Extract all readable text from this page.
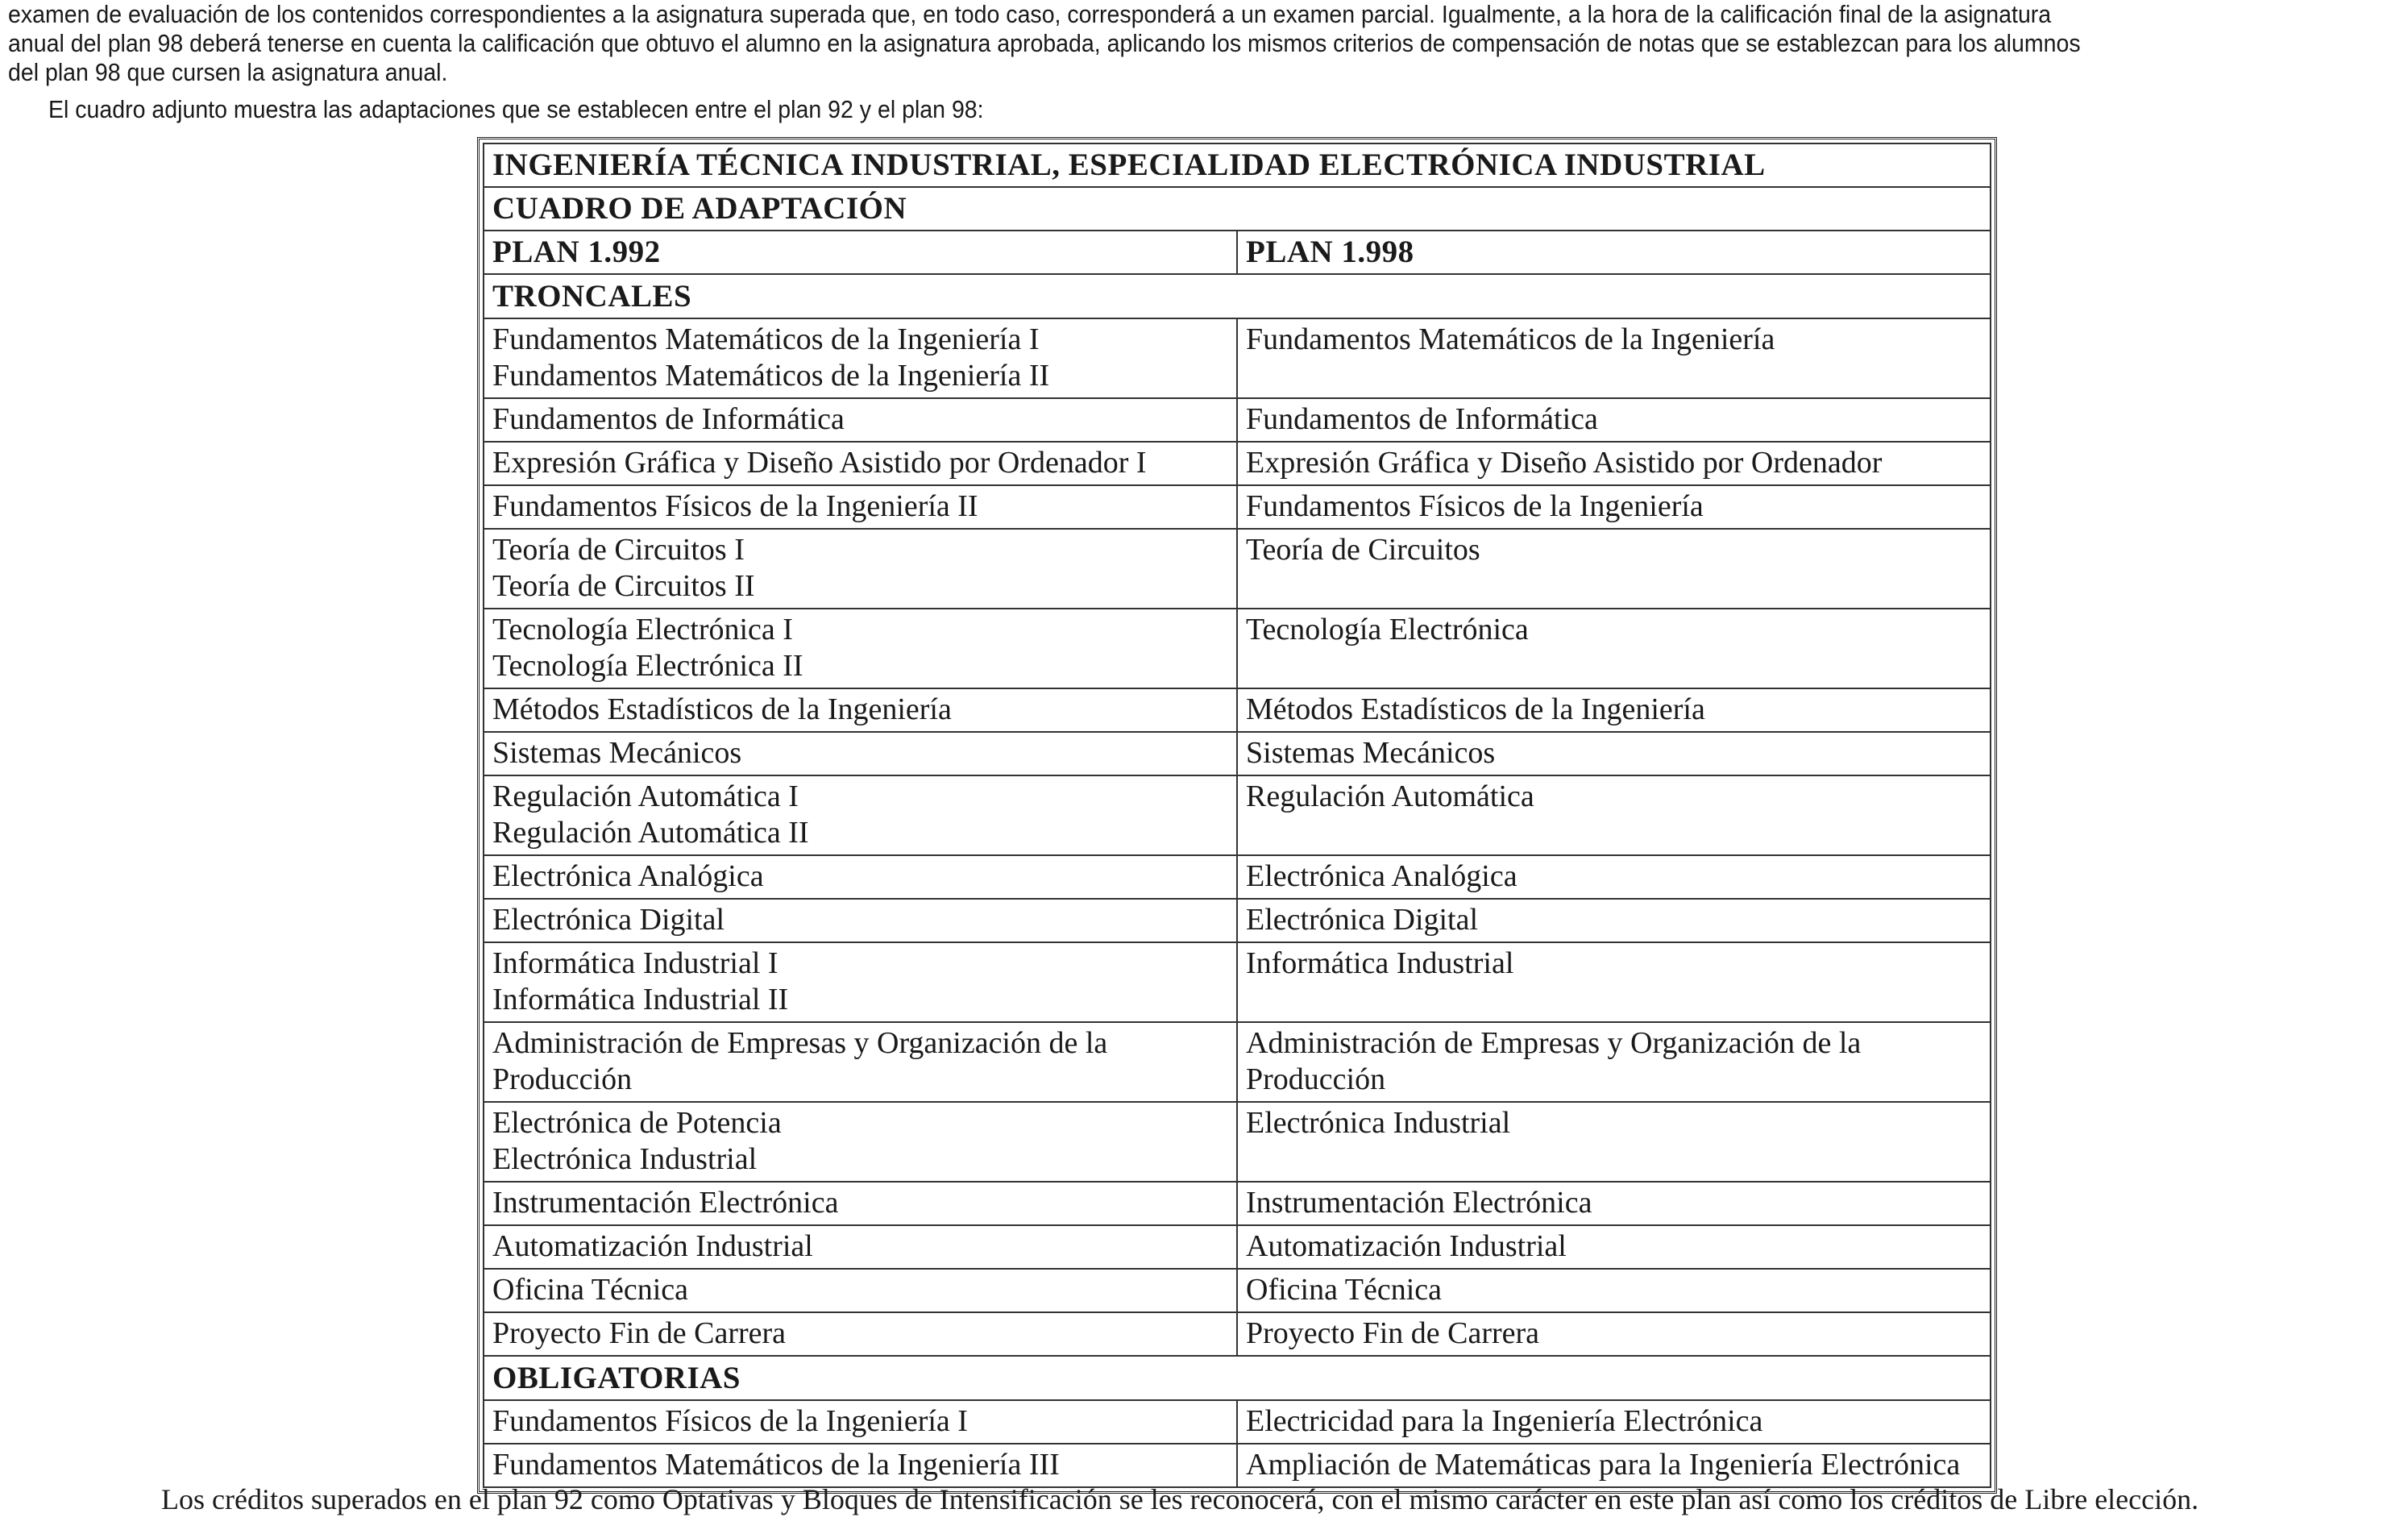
examen de evaluación de los contenidos correspondientes a la asignatura superada que, en todo caso, corresponderá a un examen parcial. Igualmente, a la hora de la calificación final de la asignatura
anual del plan 98 deberá tenerse en cuenta la calificación que obtuvo el alumno en la asignatura aprobada, aplicando los mismos criterios de compensación de notas que se establezcan para los alumnos
del plan 98 que cursen la asignatura anual.
El cuadro adjunto muestra las adaptaciones que se establecen entre el plan 92 y el plan 98:
INGENIERÍA TÉCNICA INDUSTRIAL, ESPECIALIDAD ELECTRÓNICA INDUSTRIAL	
CUADRO DE ADAPTACIÓN	
PLAN 1.992	PLAN 1.998
TRONCALES	

Fundamentos Matemáticos de la Ingeniería I
Fundamentos Matemáticos de la Ingeniería II	Fundamentos Matemáticos de la Ingeniería

Fundamentos de Informática	Fundamentos de Informática

Expresión Gráfica y Diseño Asistido por Ordenador I	Expresión Gráfica y Diseño Asistido por Ordenador

Fundamentos Físicos de la Ingeniería II	Fundamentos Físicos de la Ingeniería

Teoría de Circuitos I
Teoría de Circuitos II	Teoría de Circuitos

Tecnología Electrónica I
Tecnología Electrónica II	Tecnología Electrónica

Métodos Estadísticos de la Ingeniería	Métodos Estadísticos de la Ingeniería

Sistemas Mecánicos	Sistemas Mecánicos

Regulación Automática I
Regulación Automática II	Regulación Automática

Electrónica Analógica	Electrónica Analógica

Electrónica Digital	Electrónica Digital

Informática Industrial I
Informática Industrial II	Informática Industrial

Administración de Empresas y Organización de la Producción	Administración de Empresas y Organización de la Producción

Electrónica de Potencia
Electrónica Industrial	Electrónica Industrial

Instrumentación Electrónica	Instrumentación Electrónica

Automatización Industrial	Automatización Industrial

Oficina Técnica	Oficina Técnica

Proyecto Fin de Carrera	Proyecto Fin de Carrera

OBLIGATORIAS	

Fundamentos Físicos de la Ingeniería I	Electricidad para la Ingeniería Electrónica

Fundamentos Matemáticos de la Ingeniería III	Ampliación de Matemáticas para la Ingeniería Electrónica
Los créditos superados en el plan 92 como Optativas y Bloques de Intensificación se les reconocerá, con el mismo carácter en este plan así como los créditos de Libre elección.
